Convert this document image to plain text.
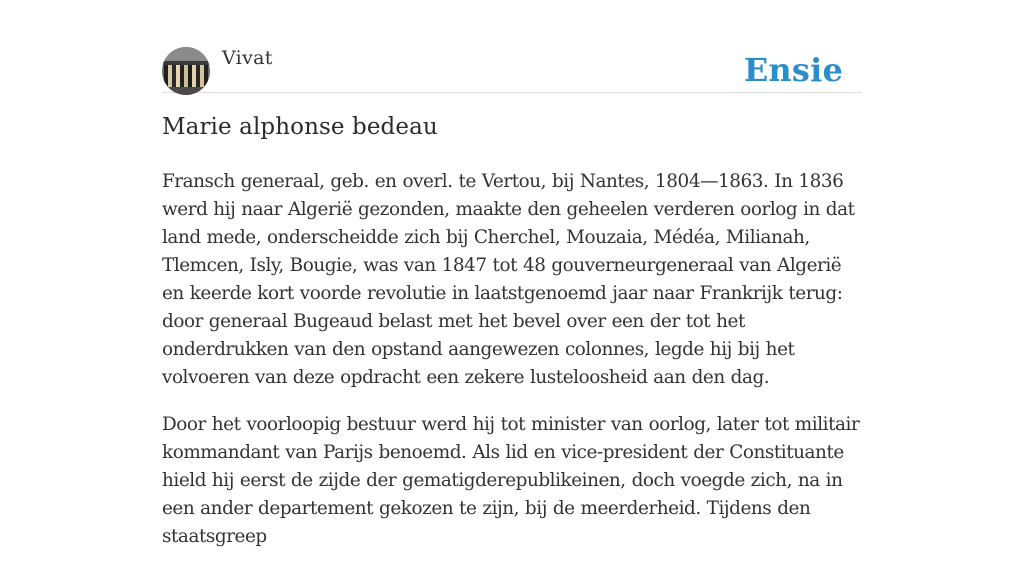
Vivat	Ensie
Marie alphonse bedeau

Fransch generaal, geb. en overl. te Vertou, bij Nantes, 1804—1863. In 1836 werd hij naar Algerië gezonden, maakte den geheelen verderen oorlog in dat land mede, onderscheidde zich bij Cherchel, Mouzaia, Médéa, Milianah, Tlemcen, Isly, Bougie, was van 1847 tot 48 gouverneurgeneraal van Algerië en keerde kort voorde revolutie in laatstgenoemd jaar naar Frankrijk terug: door generaal Bugeaud belast met het bevel over een der tot het onderdrukken van den opstand aangewezen colonnes, legde hij bij het volvoeren van deze opdracht een zekere lusteloosheid aan den dag.

Door het voorloopig bestuur werd hij tot minister van oorlog, later tot militair kommandant van Parijs benoemd. Als lid en vice-president der Constituante hield hij eerst de zijde der gematigderepublikeinen, doch voegde zich, na in een ander departement gekozen te zijn, bij de meerderheid. Tijdens den staatsgreep
